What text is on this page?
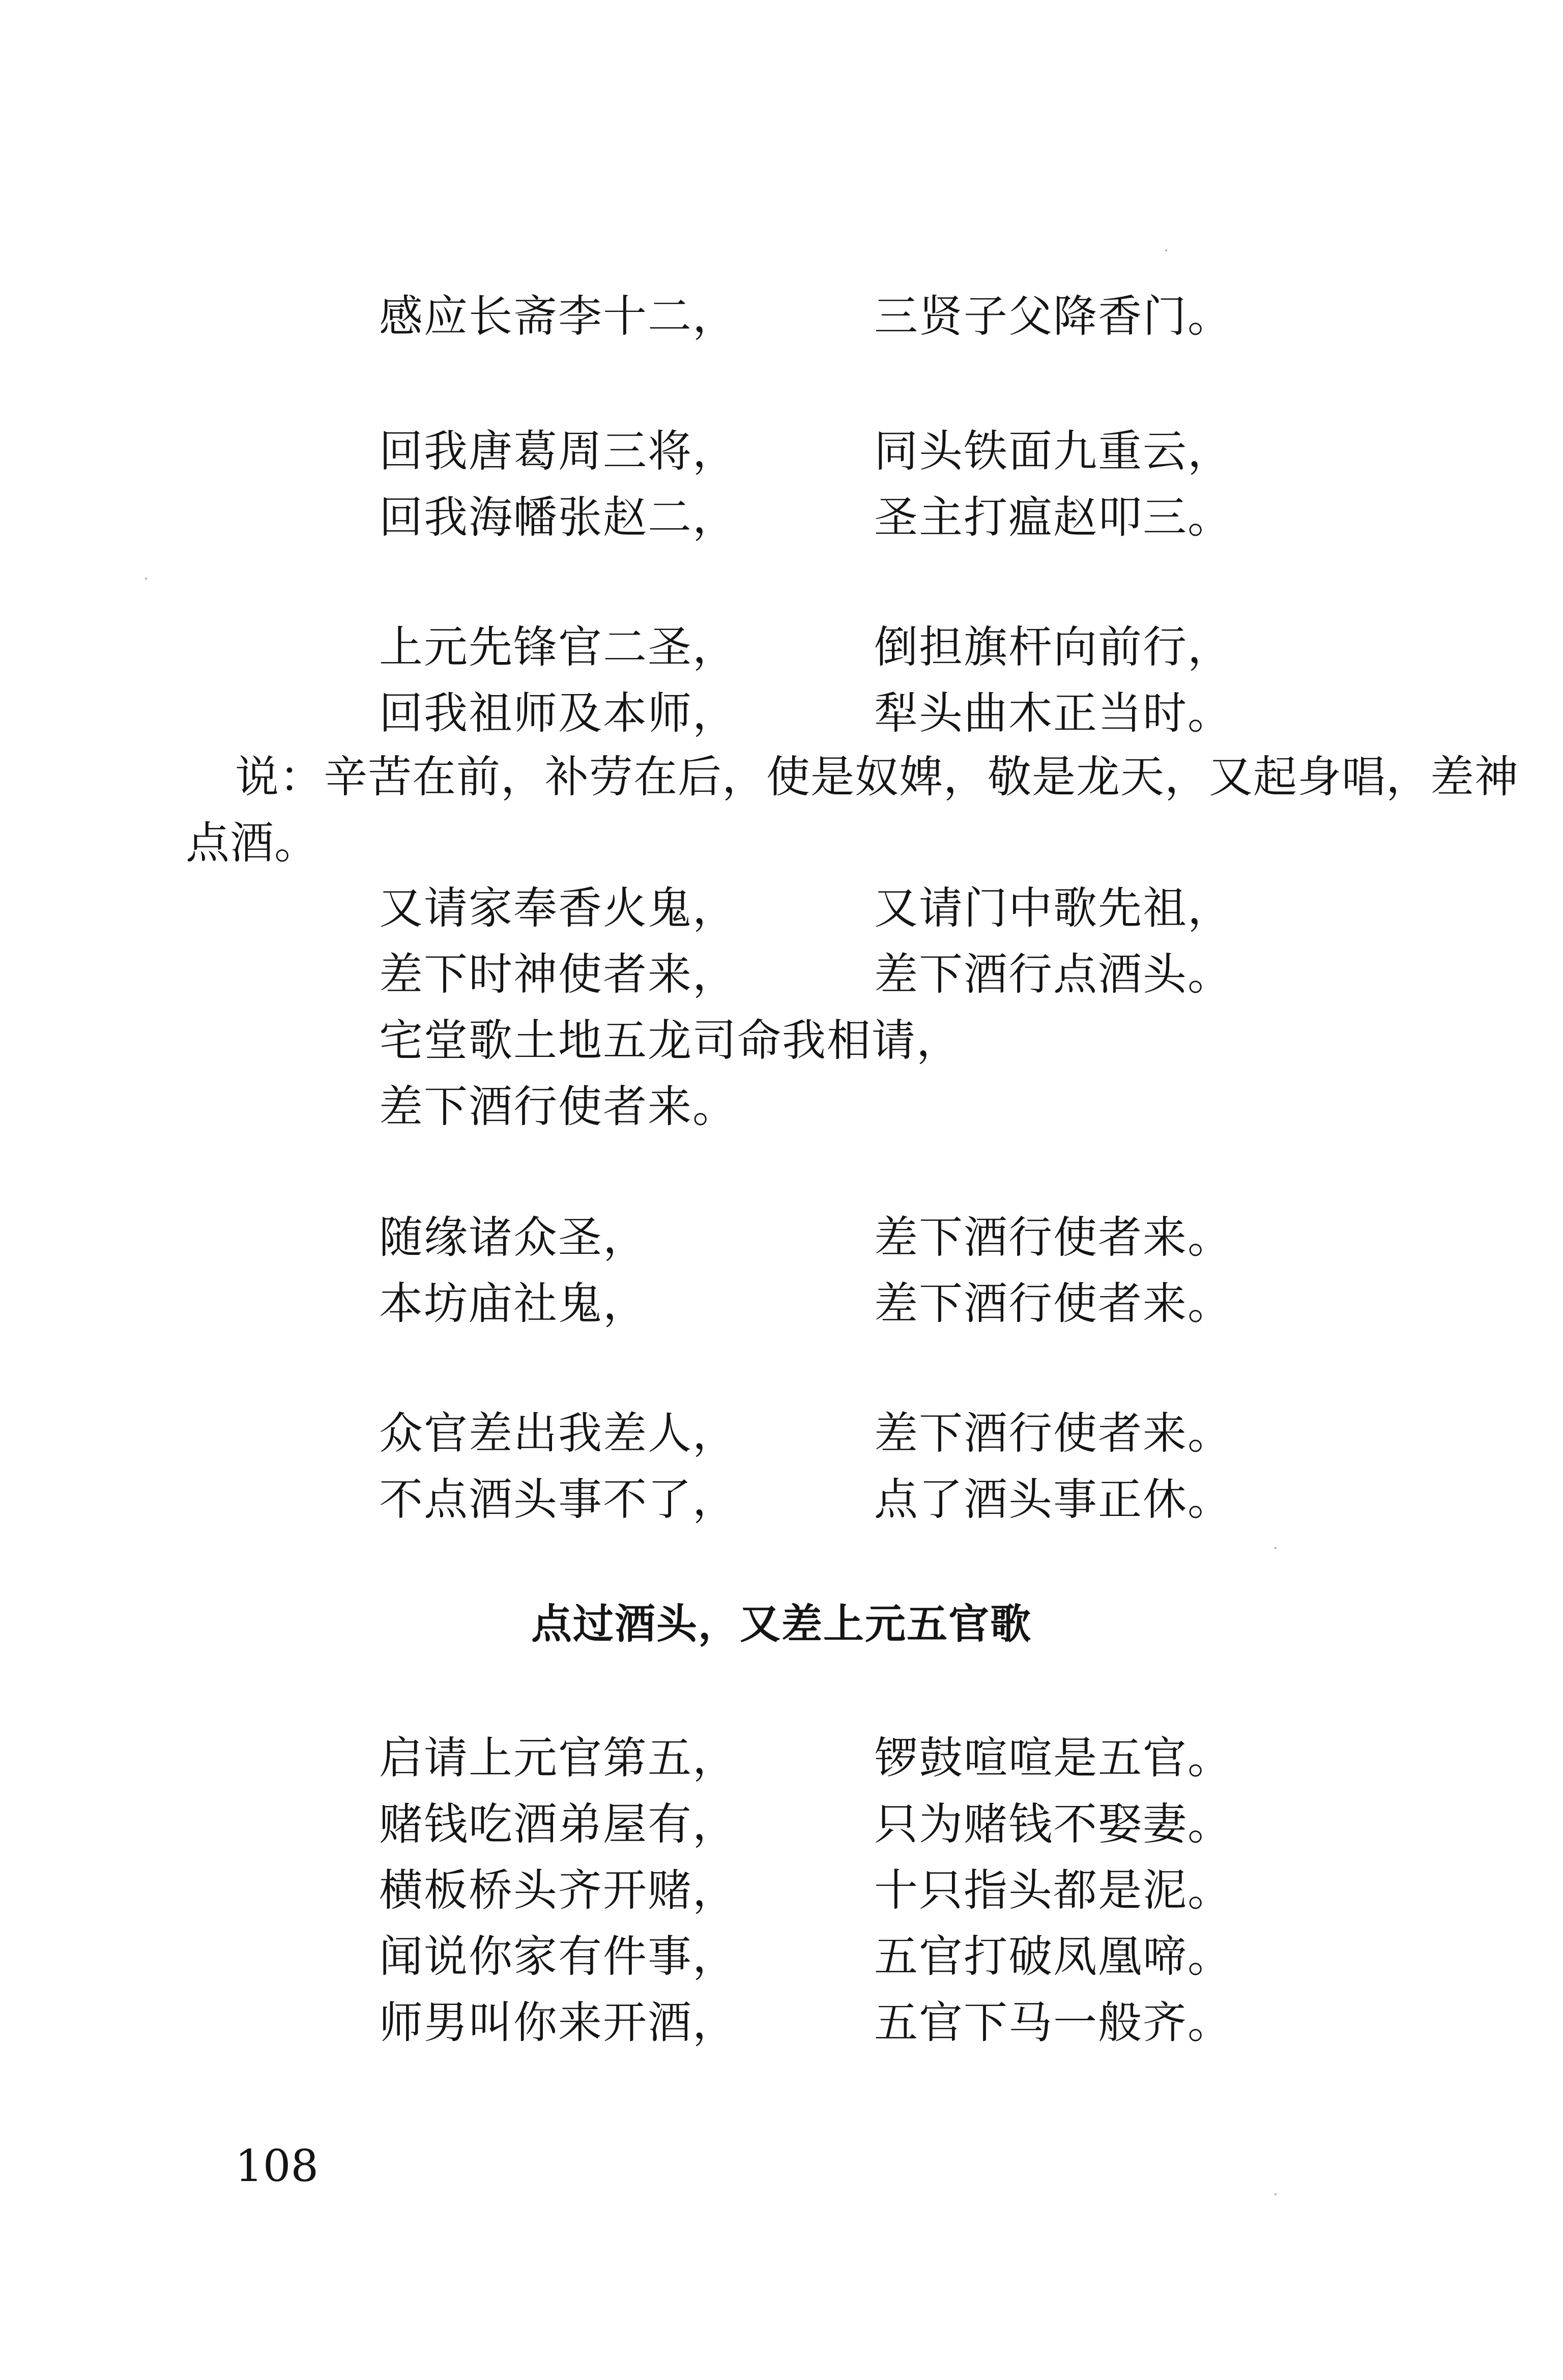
感应长斋李十二，	三贤子父降香门。
回我唐葛周三将，	同头铁面九重云，
回我海幡张赵二，	圣主打瘟赵叩三。
上元先锋官二圣，	倒担旗杆向前行，
回我祖师及本师，	犁头曲木正当时。
说：辛苦在前，补劳在后，使是奴婢，敬是龙天，又起身唱，差神
点酒。
又请家奉香火鬼，	又请门中歌先祖，
差下时神使者来，	差下酒行点酒头。
宅堂歌土地五龙司命我相请，
差下酒行使者来。
随缘诸众圣，	差下酒行使者来。
本坊庙社鬼，	差下酒行使者来。
众官差出我差人，	差下酒行使者来。
不点酒头事不了，	点了酒头事正休。
点过酒头，又差上元五官歌
启请上元官第五，	锣鼓喧喧是五官。
赌钱吃酒弟屋有，	只为赌钱不娶妻。
横板桥头齐开赌，	十只指头都是泥。
闻说你家有件事，	五官打破凤凰啼。
师男叫你来开酒，	五官下马一般齐。
108
